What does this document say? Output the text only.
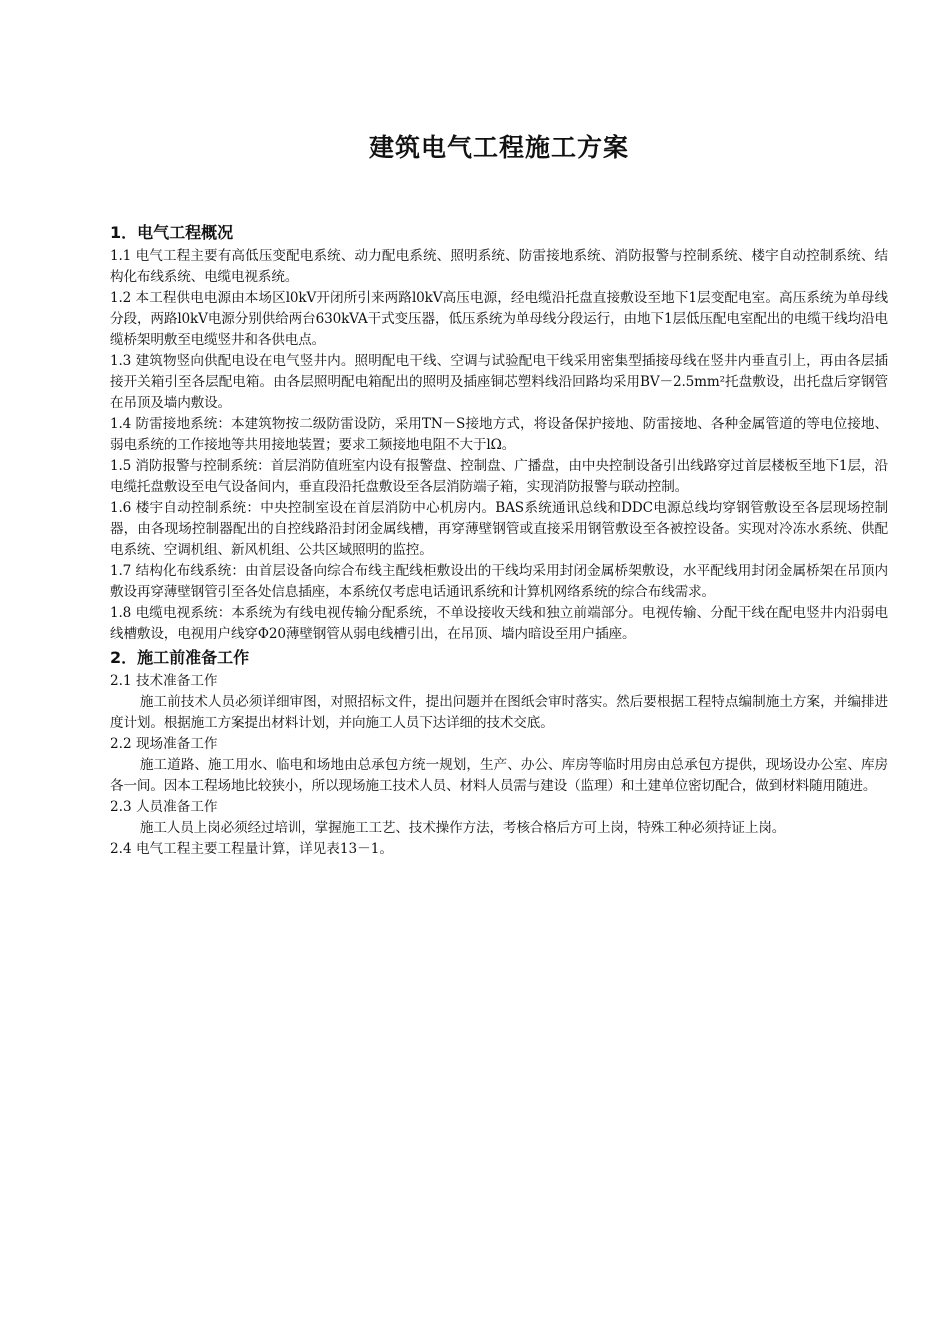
建筑电气工程施工方案

1．电气工程概况

1.1 电气工程主要有高低压变配电系统、动力配电系统、照明系统、防雷接地系统、消防报警与控制系统、楼宇自动控制系统、结构化布线系统、电缆电视系统。

1.2 本工程供电电源由本场区l0kV开闭所引来两路l0kV高压电源，经电缆沿托盘直接敷设至地下1层变配电室。高压系统为单母线分段，两路l0kV电源分别供给两台630kVA干式变压器，低压系统为单母线分段运行，由地下1层低压配电室配出的电缆干线均沿电缆桥架明敷至电缆竖井和各供电点。

1.3 建筑物竖向供配电设在电气竖井内。照明配电干线、空调与试验配电干线采用密集型插接母线在竖井内垂直引上，再由各层插接开关箱引至各层配电箱。由各层照明配电箱配出的照明及插座铜芯塑料线沿回路均采用BV－2.5mm²托盘敷设，出托盘后穿钢管在吊顶及墙内敷设。

1.4 防雷接地系统：本建筑物按二级防雷设防，采用TN－S接地方式，将设备保护接地、防雷接地、各种金属管道的等电位接地、弱电系统的工作接地等共用接地装置；要求工频接地电阻不大于lΩ。

1.5 消防报警与控制系统：首层消防值班室内设有报警盘、控制盘、广播盘，由中央控制设备引出线路穿过首层楼板至地下1层，沿电缆托盘敷设至电气设备间内，垂直段沿托盘敷设至各层消防端子箱，实现消防报警与联动控制。

1.6 楼宇自动控制系统：中央控制室设在首层消防中心机房内。BAS系统通讯总线和DDC电源总线均穿钢管敷设至各层现场控制器，由各现场控制器配出的自控线路沿封闭金属线槽，再穿薄壁钢管或直接采用钢管敷设至各被控设备。实现对冷冻水系统、供配电系统、空调机组、新风机组、公共区域照明的监控。

1.7 结构化布线系统：由首层设备向综合布线主配线柜敷设出的干线均采用封闭金属桥架敷设，水平配线用封闭金属桥架在吊顶内敷设再穿薄壁钢管引至各处信息插座，本系统仅考虑电话通讯系统和计算机网络系统的综合布线需求。

1.8 电缆电视系统：本系统为有线电视传输分配系统，不单设接收天线和独立前端部分。电视传输、分配干线在配电竖井内沿弱电线槽敷设，电视用户线穿Φ20薄壁钢管从弱电线槽引出，在吊顶、墙内暗设至用户插座。

2．施工前准备工作

2.1 技术准备工作

施工前技术人员必须详细审图，对照招标文件，提出问题并在图纸会审时落实。然后要根据工程特点编制施土方案，并编排进度计划。根据施工方案提出材料计划，并向施工人员下达详细的技术交底。

2.2 现场准备工作

施工道路、施工用水、临电和场地由总承包方统一规划，生产、办公、库房等临时用房由总承包方提供，现场设办公室、库房各一间。因本工程场地比较狭小，所以现场施工技术人员、材料人员需与建设（监理）和土建单位密切配合，做到材料随用随进。

2.3 人员准备工作

施工人员上岗必须经过培训，掌握施工工艺、技术操作方法，考核合格后方可上岗，特殊工种必须持证上岗。

2.4 电气工程主要工程量计算，详见表13－1。
